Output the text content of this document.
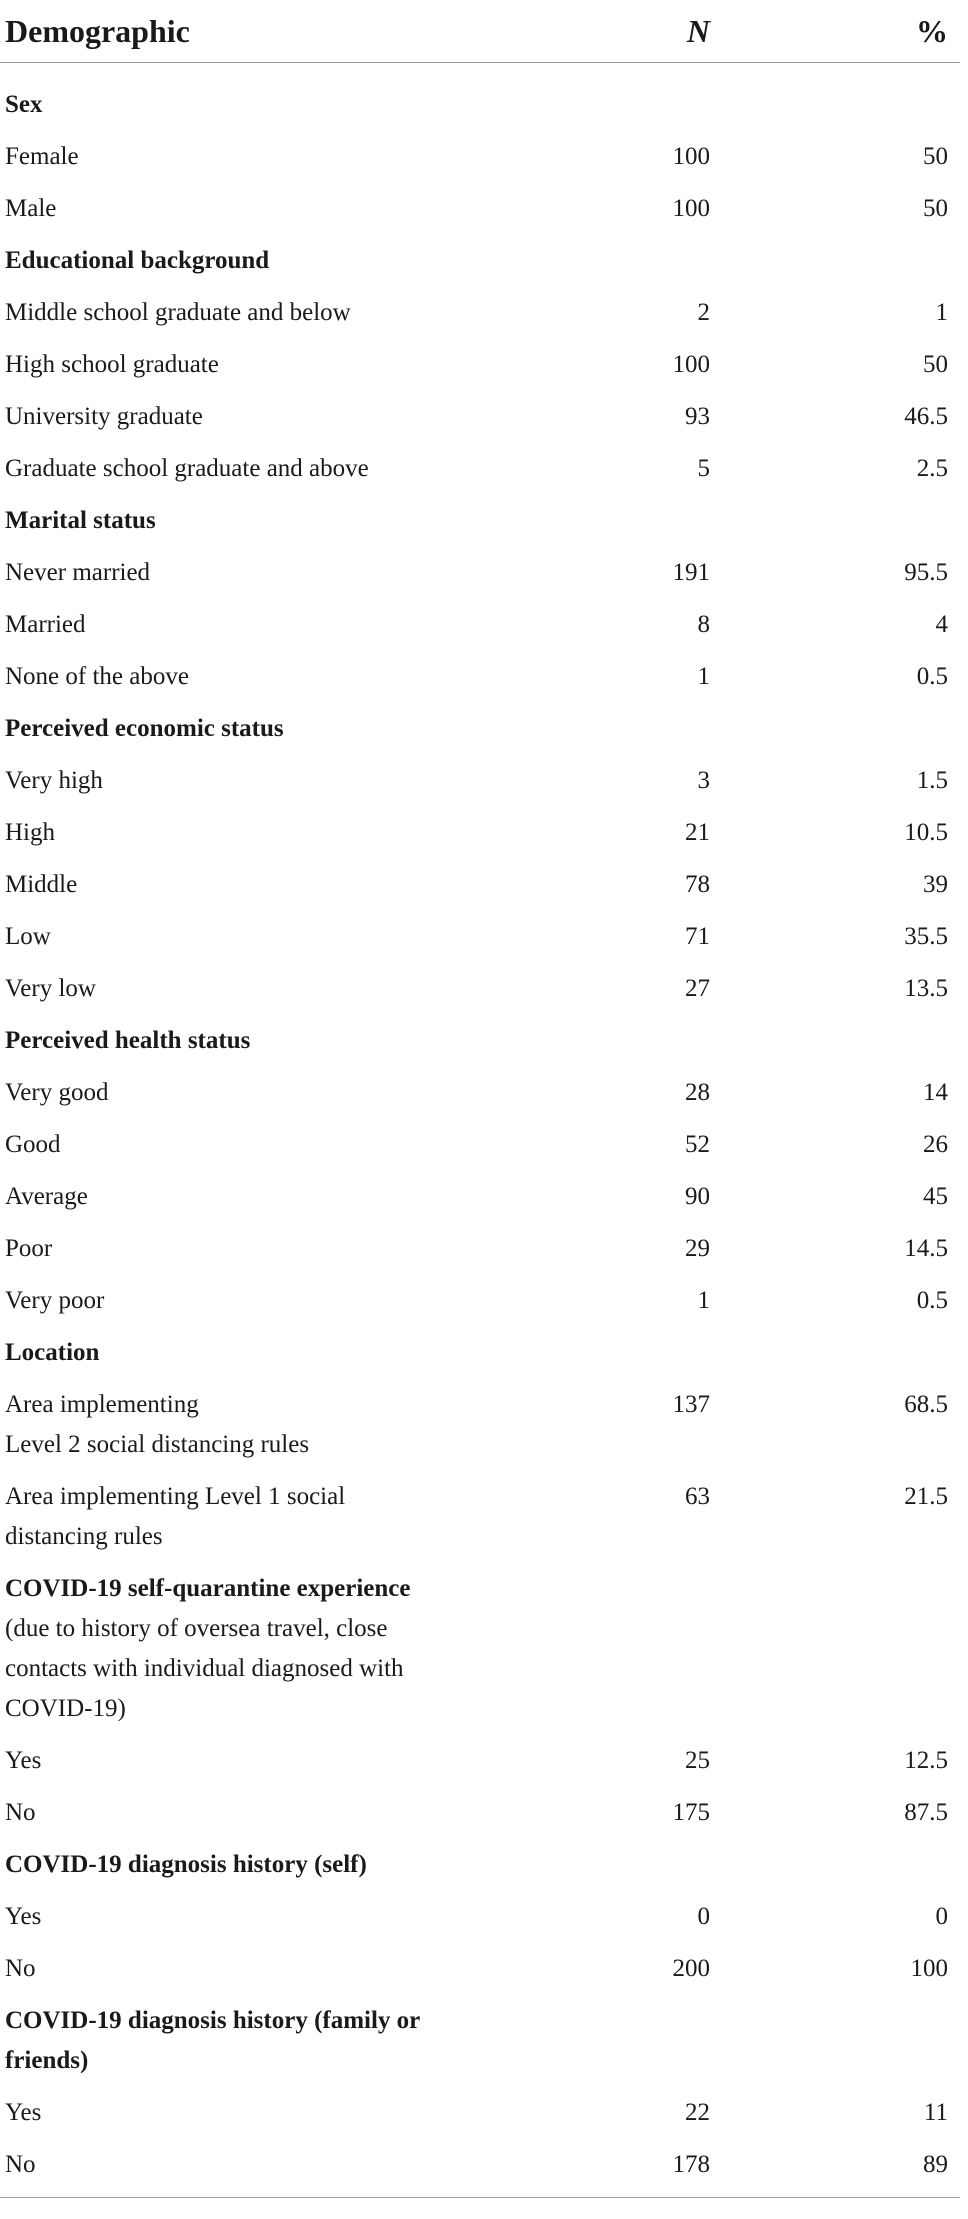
Demographic	N	%
Sex		
Female	100	50
Male	100	50
Educational background		
Middle school graduate and below	2	1
High school graduate	100	50
University graduate	93	46.5
Graduate school graduate and above	5	2.5
Marital status		
Never married	191	95.5
Married	8	4
None of the above	1	0.5
Perceived economic status		
Very high	3	1.5
High	21	10.5
Middle	78	39
Low	71	35.5
Very low	27	13.5
Perceived health status		
Very good	28	14
Good	52	26
Average	90	45
Poor	29	14.5
Very poor	1	0.5
Location		
Area implementing
Level 2 social distancing rules	137	68.5
Area implementing Level 1 social
distancing rules	63	21.5
COVID-19 self-quarantine experience
(due to history of oversea travel, close
contacts with individual diagnosed with
COVID-19)		
Yes	25	12.5
No	175	87.5
COVID-19 diagnosis history (self)		
Yes	0	0
No	200	100
COVID-19 diagnosis history (family or
friends)		
Yes	22	11
No	178	89
